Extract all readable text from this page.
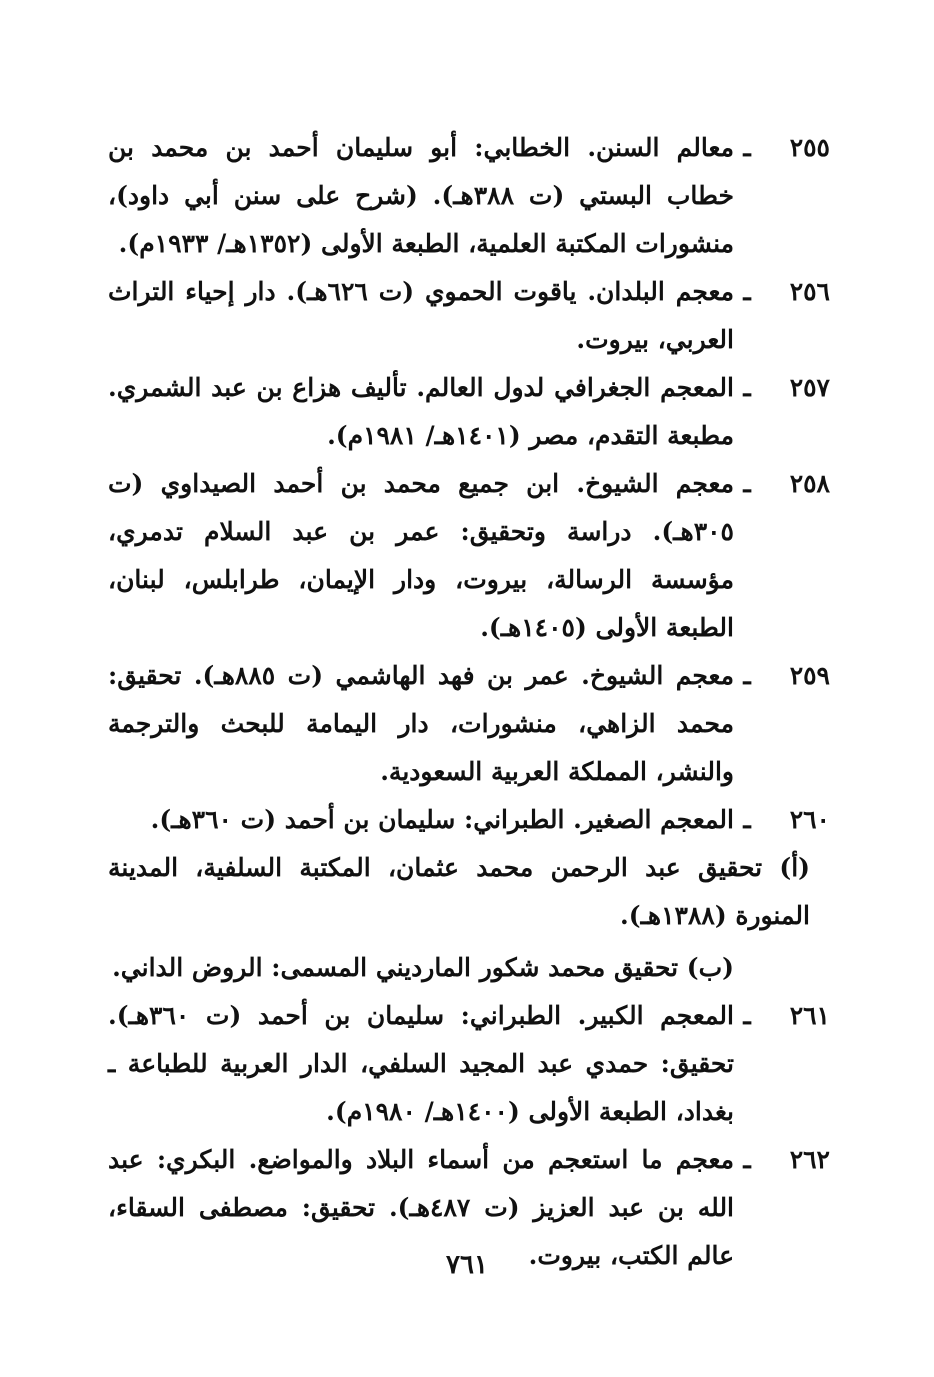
٢٥٥
ـ
معالم السنن. الخطابي: أبو سليمان أحمد بن محمد بن خطاب البستي (ت ٣٨٨هـ). (شرح على سنن أبي داود)، منشورات المكتبة العلمية، الطبعة الأولى (١٣٥٢هـ/ ١٩٣٣م).
٢٥٦
ـ
معجم البلدان. ياقوت الحموي (ت ٦٢٦هـ). دار إحياء التراث العربي، بيروت.
٢٥٧
ـ
المعجم الجغرافي لدول العالم. تأليف هزاع بن عبد الشمري. مطبعة التقدم، مصر (١٤٠١هـ/ ١٩٨١م).
٢٥٨
ـ
معجم الشيوخ. ابن جميع محمد بن أحمد الصيداوي (ت ٣٠٥هـ). دراسة وتحقيق: عمر بن عبد السلام تدمري، مؤسسة الرسالة، بيروت، ودار الإيمان، طرابلس، لبنان، الطبعة الأولى (١٤٠٥هـ).
٢٥٩
ـ
معجم الشيوخ. عمر بن فهد الهاشمي (ت ٨٨٥هـ). تحقيق: محمد الزاهي، منشورات، دار اليمامة للبحث والترجمة والنشر، المملكة العربية السعودية.
٢٦٠
ـ
المعجم الصغير. الطبراني: سليمان بن أحمد (ت ٣٦٠هـ).
(أ) تحقيق عبد الرحمن محمد عثمان، المكتبة السلفية، المدينة المنورة (١٣٨٨هـ).
(ب) تحقيق محمد شكور المارديني المسمى: الروض الداني.
٢٦١
ـ
المعجم الكبير. الطبراني: سليمان بن أحمد (ت ٣٦٠هـ). تحقيق: حمدي عبد المجيد السلفي، الدار العربية للطباعة ـ بغداد، الطبعة الأولى (١٤٠٠هـ/ ١٩٨٠م).
٢٦٢
ـ
معجم ما استعجم من أسماء البلاد والمواضع. البكري: عبد الله بن عبد العزيز (ت ٤٨٧هـ). تحقيق: مصطفى السقاء، عالم الكتب، بيروت.
٧٦١
